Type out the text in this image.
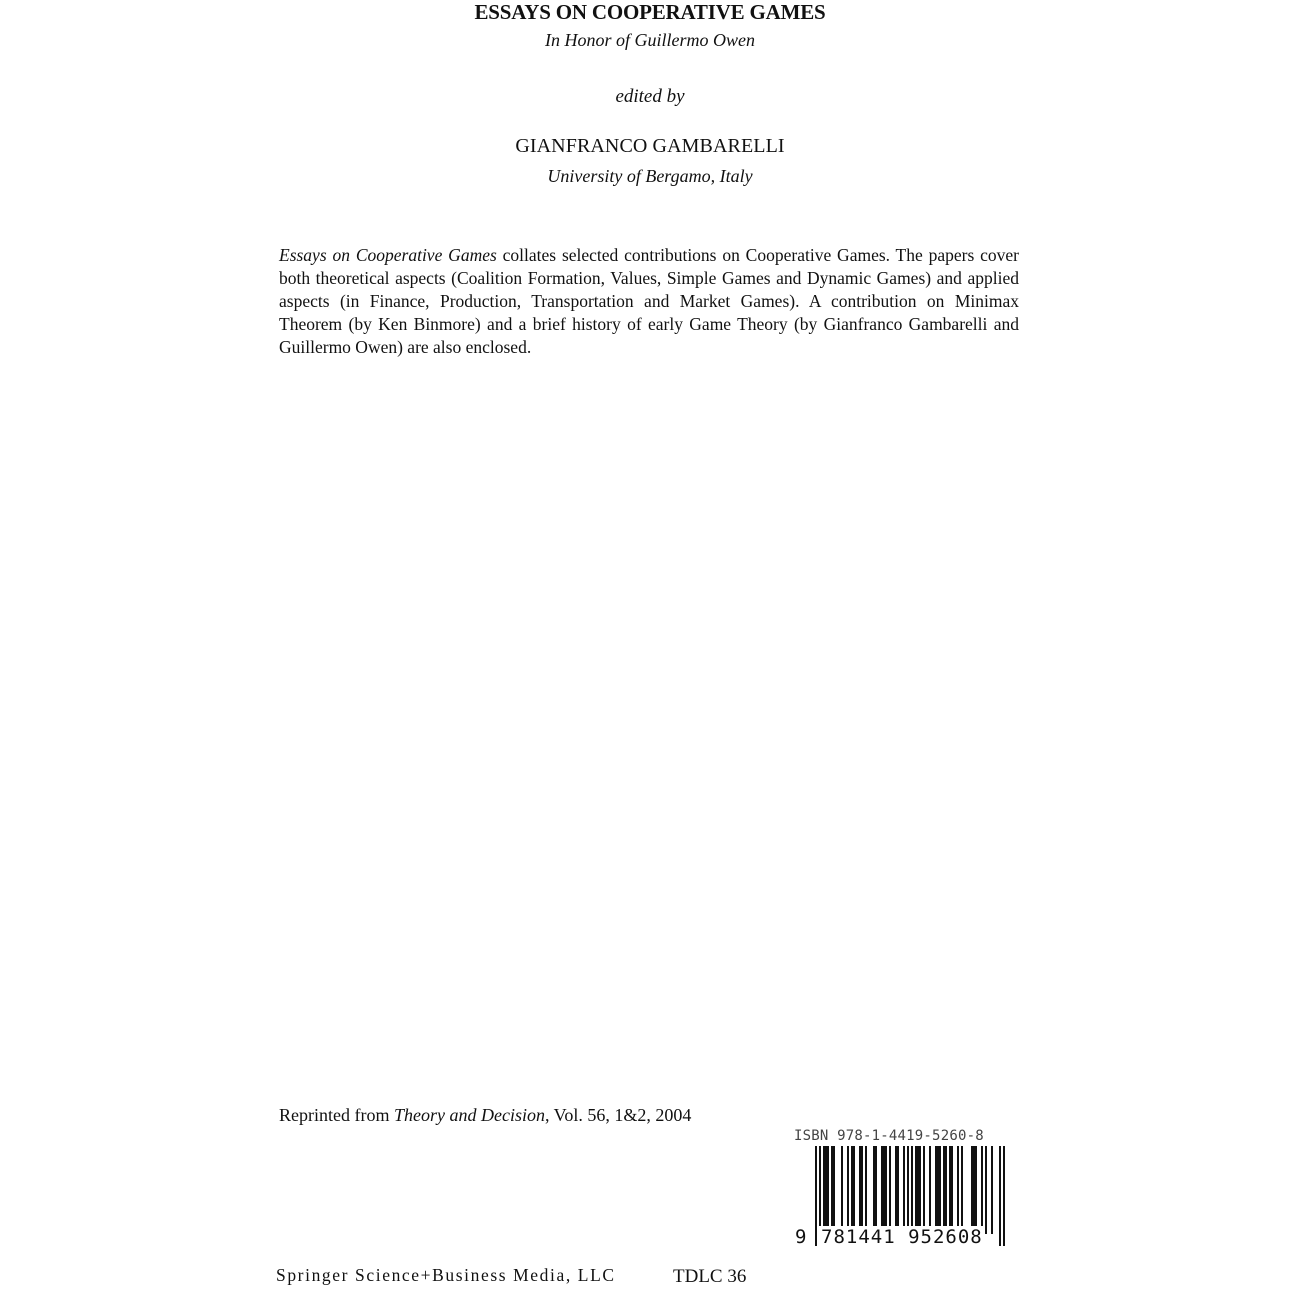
ESSAYS ON COOPERATIVE GAMES
In Honor of Guillermo Owen
edited by
GIANFRANCO GAMBARELLI
University of Bergamo, Italy
Essays on Cooperative Games collates selected contributions on Cooperative Games. The papers cover both theoretical aspects (Coalition Formation, Values, Simple Games and Dynamic Games) and applied aspects (in Finance, Production, Transportation and Market Games). A contribution on Minimax Theorem (by Ken Binmore) and a brief history of early Game Theory (by Gianfranco Gambarelli and Guillermo Owen) are also enclosed.
Reprinted from Theory and Decision, Vol. 56, 1&2, 2004
ISBN 978-1-4419-5260-8
9 781441 952608
Springer Science+Business Media, LLC	TDLC 36
